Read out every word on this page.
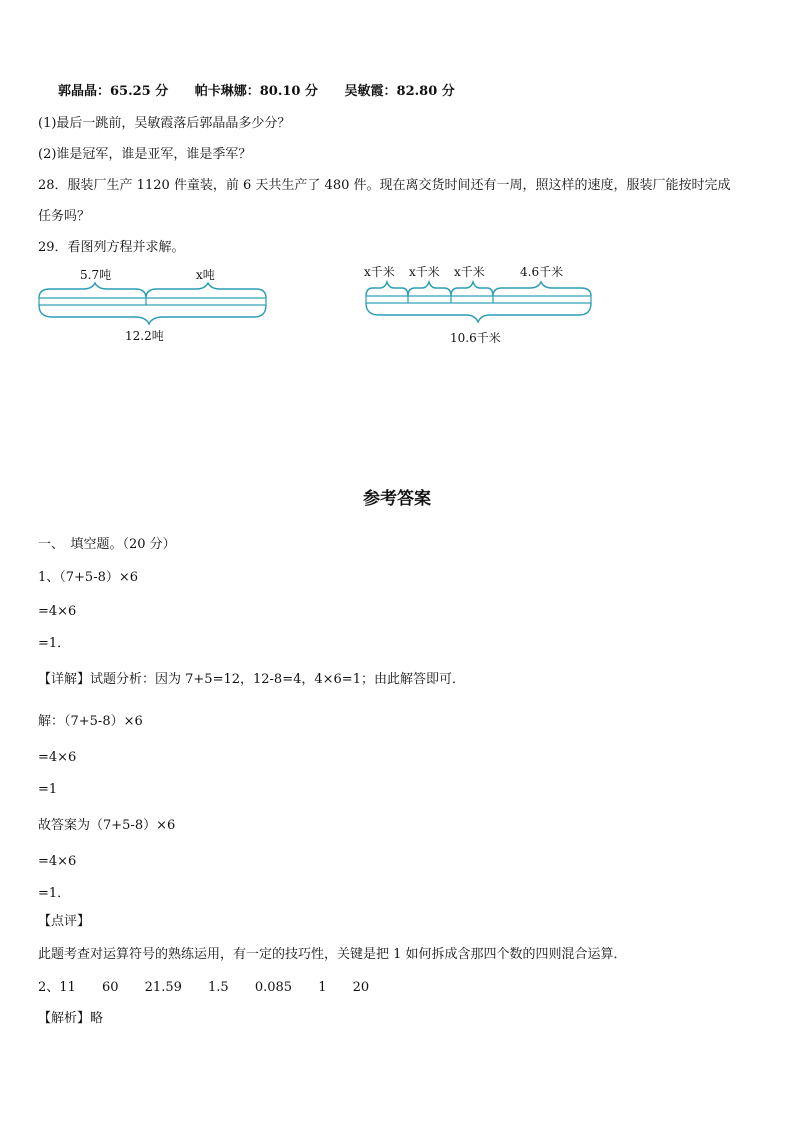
郭晶晶：65.25 分 帕卡琳娜：80.10 分 吴敏霞：82.80 分
(1)最后一跳前，吴敏霞落后郭晶晶多少分？
(2)谁是冠军，谁是亚军，谁是季军？
28．服装厂生产 1120 件童装，前 6 天共生产了 480 件。现在离交货时间还有一周，照这样的速度，服装厂能按时完成
任务吗？
29．看图列方程并求解。
5.7吨	x吨
12.2吨
x千米 x千米 x千米	4.6千米
10.6千米
参考答案
一、　填空题。（20 分）
1、（7+5-8）×6
=4×6
=1．
【详解】试题分析：因为 7+5=12，12-8=4，4×6=1；由此解答即可．
解：（7+5-8）×6
=4×6
=1
故答案为（7+5-8）×6
=4×6
=1．
【点评】
此题考查对运算符号的熟练运用，有一定的技巧性，关键是把 1 如何拆成含那四个数的四则混合运算．
2、11 60 21.59 1.5 0.085 1 20
【解析】略
